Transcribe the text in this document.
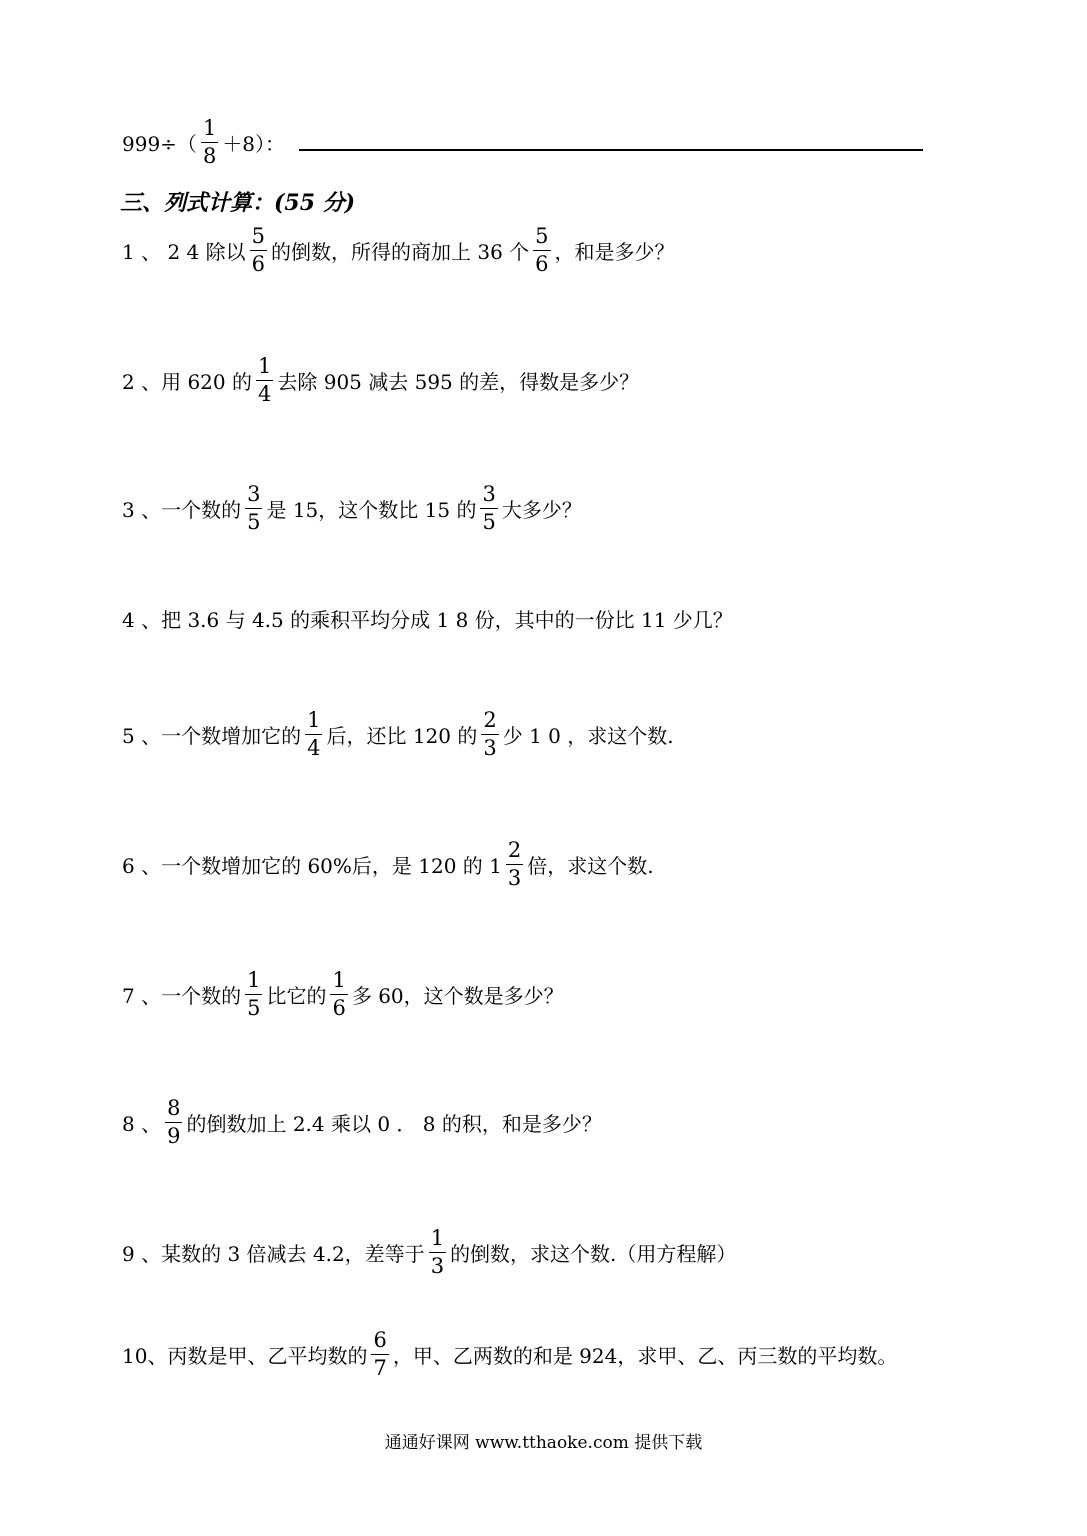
$999\div( \frac{1}{8} +8)$：
三、列式计算：(55 分)
1 、 2 4 除以 $\frac{5}{6}$ 的倒数，所得的商加上 36 个 $\frac{5}{6}$ ，和是多少？
2 、用 620 的 $\frac{1}{4}$ 去除 905 减去 595 的差，得数是多少？
3 、一个数的 $\frac{3}{5}$ 是 15，这个数比 15 的 $\frac{3}{5}$ 大多少？
4 、把 3.6 与 4.5 的乘积平均分成 1 8 份，其中的一份比 11 少几？
5 、一个数增加它的 $\frac{1}{4}$ 后，还比 120 的 $\frac{2}{3}$ 少 1 0 ，求这个数.
6 、一个数增加它的 60%后，是 120 的 $1 \frac{2}{3}$ 倍，求这个数.
7 、一个数的 $\frac{1}{5}$ 比它的 $\frac{1}{6}$ 多 60，这个数是多少？
8 、 $\frac{8}{9}$ 的倒数加上 2.4 乘以 0 ． 8 的积，和是多少？
9 、某数的 3 倍减去 4.2，差等于 $\frac{1}{3}$ 的倒数，求这个数.（用方程解）
10、丙数是甲、乙平均数的 $\frac{6}{7}$ ，甲、乙两数的和是 924，求甲、乙、丙三数的平均数。
通通好课网 www.tthaoke.com 提供下载
